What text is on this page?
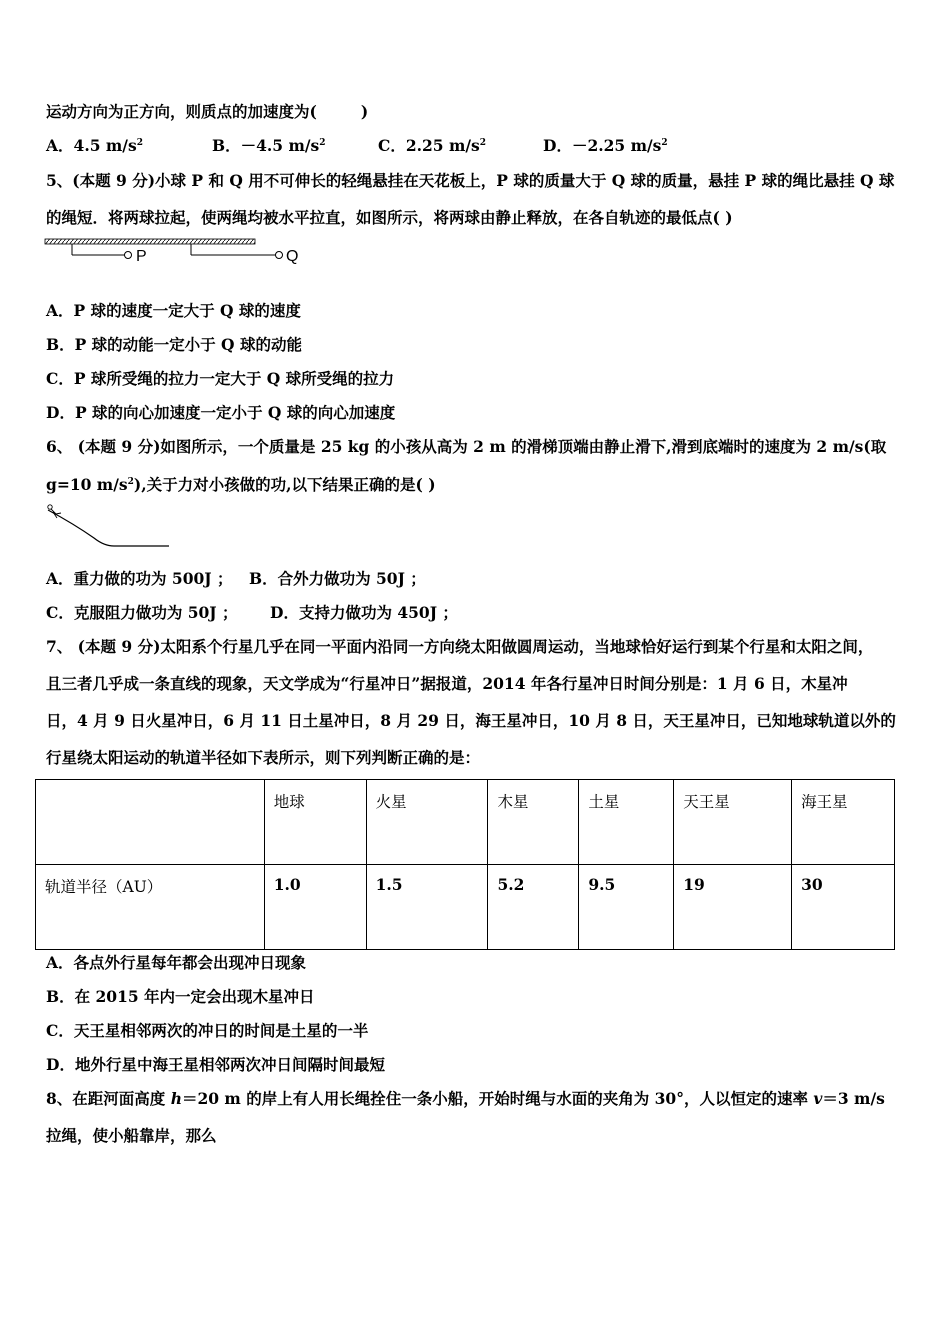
运动方向为正方向，则质点的加速度为(	)
A．4.5 $m/s^2$	B．－4.5 $m/s^2$	C．2.25 $m/s^2$	D．－2.25 $m/s^2$
5、(本题 9 分)小球 P 和 Q 用不可伸长的轻绳悬挂在天花板上，P 球的质量大于 Q 球的质量，悬挂 P 球的绳比悬挂 Q 球
的绳短．将两球拉起，使两绳均被水平拉直，如图所示，将两球由静止释放，在各自轨迹的最低点( )
P	Q
A．P 球的速度一定大于 Q 球的速度
B．P 球的动能一定小于 Q 球的动能
C．P 球所受绳的拉力一定大于 Q 球所受绳的拉力
D．P 球的向心加速度一定小于 Q 球的向心加速度
6、 (本题 9 分)如图所示，一个质量是 25 kg 的小孩从高为 2 m 的滑梯顶端由静止滑下,滑到底端时的速度为 2 m/s(取
g=10 $m/s^2$),关于力对小孩做的功,以下结果正确的是( )
A．重力做的功为 500J ； B．合外力做功为 50J ；
C．克服阻力做功为 50J ； D．支持力做功为 450J ；
7、 (本题 9 分)太阳系个行星几乎在同一平面内沿同一方向绕太阳做圆周运动，当地球恰好运行到某个行星和太阳之间，
且三者几乎成一条直线的现象，天文学成为“行星冲日”据报道，2014 年各行星冲日时间分别是：1 月 6 日，木星冲
日，4 月 9 日火星冲日，6 月 11 日土星冲日，8 月 29 日，海王星冲日，10 月 8 日，天王星冲日，已知地球轨道以外的
行星绕太阳运动的轨道半径如下表所示，则下列判断正确的是：
	地球	火星	木星	土星	天王星	海王星
轨道半径（AU）	1.0	1.5	5.2	9.5	19	30
A．各点外行星每年都会出现冲日现象
B．在 2015 年内一定会出现木星冲日
C．天王星相邻两次的冲日的时间是土星的一半
D．地外行星中海王星相邻两次冲日间隔时间最短
8、在距河面高度 h＝20 m 的岸上有人用长绳拴住一条小船，开始时绳与水面的夹角为 30°，人以恒定的速率 v＝3 m/s
拉绳，使小船靠岸，那么
